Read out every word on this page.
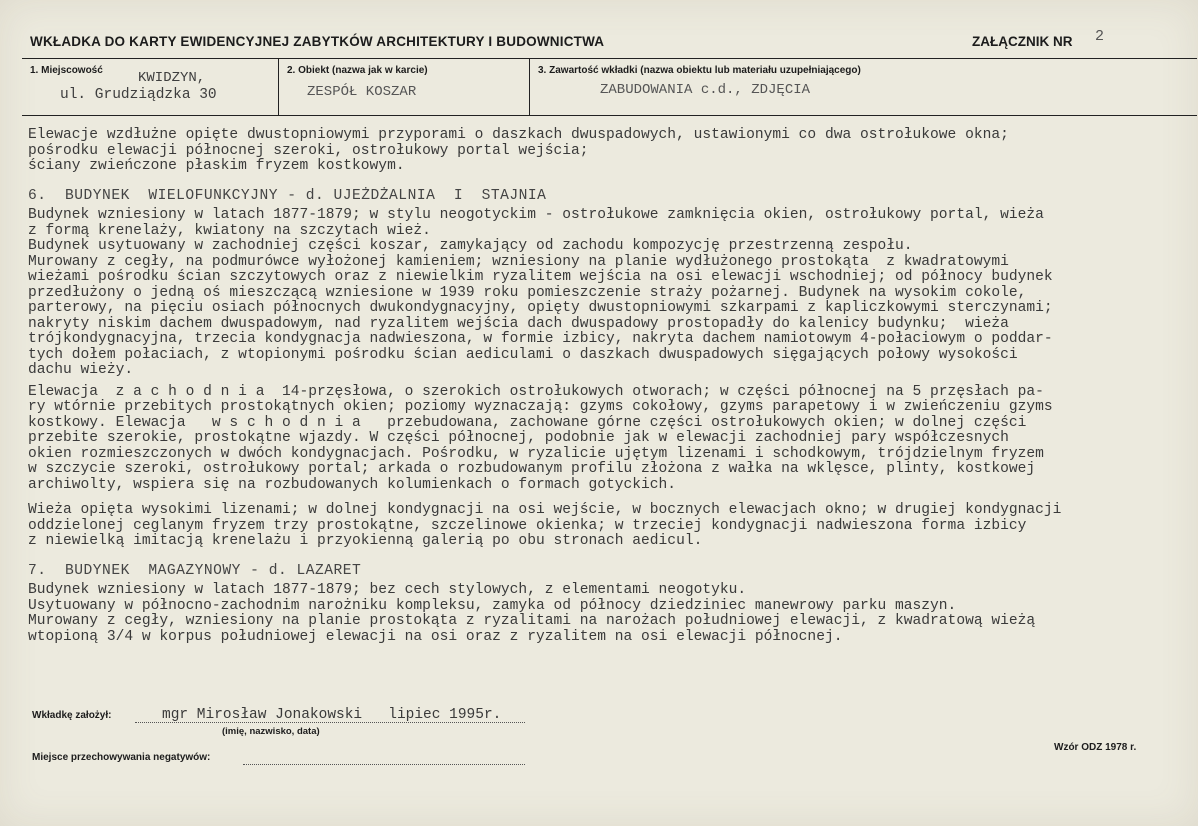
WKŁADKA DO KARTY EWIDENCYJNEJ ZABYTKÓW ARCHITEKTURY I BUDOWNICTWA	ZAŁĄCZNIK NR 2
1. Miejscowość	KWIDZYN,
ul. Grudziądzka 30
2. Obiekt (nazwa jak w karcie)
ZESPÓŁ KOSZAR
3. Zawartość wkładki (nazwa obiektu lub materiału uzupełniającego)
ZABUDOWANIA c.d., ZDJĘCIA
Elewacje wzdłużne opięte dwustopniowymi przyporami o daszkach dwuspadowych, ustawionymi co dwa ostrołukowe okna;
pośrodku elewacji północnej szeroki, ostrołukowy portal wejścia;
ściany zwieńczone płaskim fryzem kostkowym.
6.  BUDYNEK  WIELOFUNKCYJNY - d. UJEŻDŻALNIA  I  STAJNIA
Budynek wzniesiony w latach 1877-1879; w stylu neogotyckim - ostrołukowe zamknięcia okien, ostrołukowy portal, wieża
z formą krenelaży, kwiatony na szczytach wież.
Budynek usytuowany w zachodniej części koszar, zamykający od zachodu kompozycję przestrzenną zespołu.
Murowany z cegły, na podmurówce wyłożonej kamieniem; wzniesiony na planie wydłużonego prostokąta  z kwadratowymi
wieżami pośrodku ścian szczytowych oraz z niewielkim ryzalitem wejścia na osi elewacji wschodniej; od północy budynek
przedłużony o jedną oś mieszczącą wzniesione w 1939 roku pomieszczenie straży pożarnej. Budynek na wysokim cokole,
parterowy, na pięciu osiach północnych dwukondygnacyjny, opięty dwustopniowymi szkarpami z kapliczkowymi sterczynami;
nakryty niskim dachem dwuspadowym, nad ryzalitem wejścia dach dwuspadowy prostopadły do kalenicy budynku;  wieża
trójkondygnacyjna, trzecia kondygnacja nadwieszona, w formie izbicy, nakryta dachem namiotowym 4-połaciowym o poddar-
tych dołem połaciach, z wtopionymi pośrodku ścian aediculami o daszkach dwuspadowych sięgających połowy wysokości
dachu wieży.
Elewacja  z a c h o d n i a  14-przęsłowa, o szerokich ostrołukowych otworach; w części północnej na 5 przęsłach pa-
ry wtórnie przebitych prostokątnych okien; poziomy wyznaczają: gzyms cokołowy, gzyms parapetowy i w zwieńczeniu gzyms
kostkowy. Elewacja   w s c h o d n i a   przebudowana, zachowane górne części ostrołukowych okien; w dolnej części
przebite szerokie, prostokątne wjazdy. W części północnej, podobnie jak w elewacji zachodniej pary współczesnych
okien rozmieszczonych w dwóch kondygnacjach. Pośrodku, w ryzalicie ujętym lizenami i schodkowym, trójdzielnym fryzem
w szczycie szeroki, ostrołukowy portal; arkada o rozbudowanym profilu złożona z wałka na wklęsce, plinty, kostkowej
archiwolty, wspiera się na rozbudowanych kolumienkach o formach gotyckich.
Wieża opięta wysokimi lizenami; w dolnej kondygnacji na osi wejście, w bocznych elewacjach okno; w drugiej kondygnacji
oddzielonej ceglanym fryzem trzy prostokątne, szczelinowe okienka; w trzeciej kondygnacji nadwieszona forma izbicy
z niewielką imitacją krenelażu i przyokienną galerią po obu stronach aedicul.
7.  BUDYNEK  MAGAZYNOWY - d. LAZARET
Budynek wzniesiony w latach 1877-1879; bez cech stylowych, z elementami neogotyku.
Usytuowany w północno-zachodnim narożniku kompleksu, zamyka od północy dziedziniec manewrowy parku maszyn.
Murowany z cegły, wzniesiony na planie prostokąta z ryzalitami na narożach południowej elewacji, z kwadratową wieżą
wtopioną 3/4 w korpus południowej elewacji na osi oraz z ryzalitem na osi elewacji północnej.
Wkładkę założył:	mgr Mirosław Jonakowski   lipiec 1995r.
(imię, nazwisko, data)
Miejsce przechowywania negatywów:
Wzór ODZ 1978 r.
